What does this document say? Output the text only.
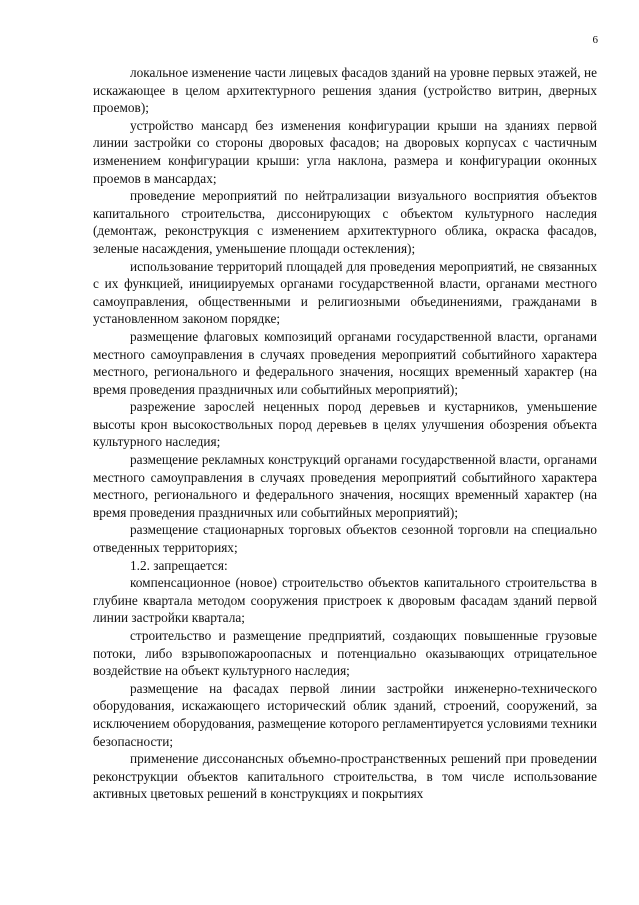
6

локальное изменение части лицевых фасадов зданий на уровне первых этажей, не искажающее в целом архитектурного решения здания (устройство витрин, дверных проемов);

устройство мансард без изменения конфигурации крыши на зданиях первой линии застройки со стороны дворовых фасадов; на дворовых корпусах с частичным изменением конфигурации крыши: угла наклона, размера и конфигурации оконных проемов в мансардах;

проведение мероприятий по нейтрализации визуального восприятия объектов капитального строительства, диссонирующих с объектом культурного наследия (демонтаж, реконструкция с изменением архитектурного облика, окраска фасадов, зеленые насаждения, уменьшение площади остекления);

использование территорий площадей для проведения мероприятий, не связанных с их функцией, инициируемых органами государственной власти, органами местного самоуправления, общественными и религиозными объединениями, гражданами в установленном законом порядке;

размещение флаговых композиций органами государственной власти, органами местного самоуправления в случаях проведения мероприятий событийного характера местного, регионального и федерального значения, носящих временный характер (на время проведения праздничных или событийных мероприятий);

разрежение зарослей неценных пород деревьев и кустарников, уменьшение высоты крон высокоствольных пород деревьев в целях улучшения обозрения объекта культурного наследия;

размещение рекламных конструкций органами государственной власти, органами местного самоуправления в случаях проведения мероприятий событийного характера местного, регионального и федерального значения, носящих временный характер (на время проведения праздничных или событийных мероприятий);

размещение стационарных торговых объектов сезонной торговли на специально отведенных территориях;

1.2. запрещается:

компенсационное (новое) строительство объектов капитального строительства в глубине квартала методом сооружения пристроек к дворовым фасадам зданий первой линии застройки квартала;

строительство и размещение предприятий, создающих повышенные грузовые потоки, либо взрывопожароопасных и потенциально оказывающих отрицательное воздействие на объект культурного наследия;

размещение на фасадах первой линии застройки инженерно-технического оборудования, искажающего исторический облик зданий, строений, сооружений, за исключением оборудования, размещение которого регламентируется условиями техники безопасности;

применение диссонансных объемно-пространственных решений при проведении реконструкции объектов капитального строительства, в том числе использование активных цветовых решений в конструкциях и покрытиях
